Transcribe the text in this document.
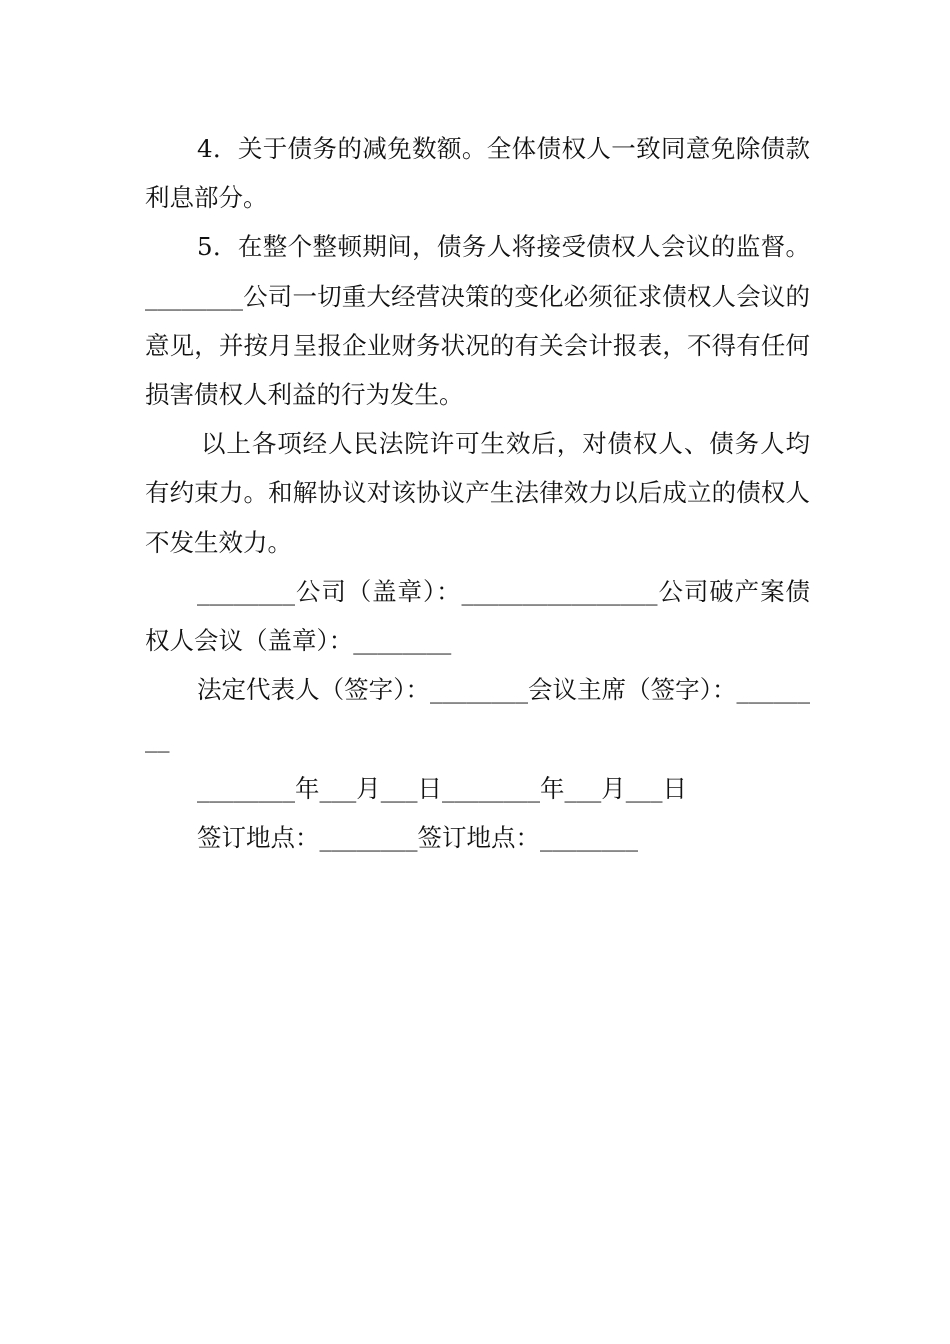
4．关于债务的减免数额。全体债权人一致同意免除债款利息部分。

5．在整个整顿期间，债务人将接受债权人会议的监督。________公司一切重大经营决策的变化必须征求债权人会议的意见，并按月呈报企业财务状况的有关会计报表，不得有任何损害债权人利益的行为发生。

以上各项经人民法院许可生效后，对债权人、债务人均有约束力。和解协议对该协议产生法律效力以后成立的债权人不发生效力。

________公司（盖章）：________________公司破产案债权人会议（盖章）：________

法定代表人（签字）：________会议主席（签字）：________

________年___月___日________年___月___日

签订地点：________签订地点：________
